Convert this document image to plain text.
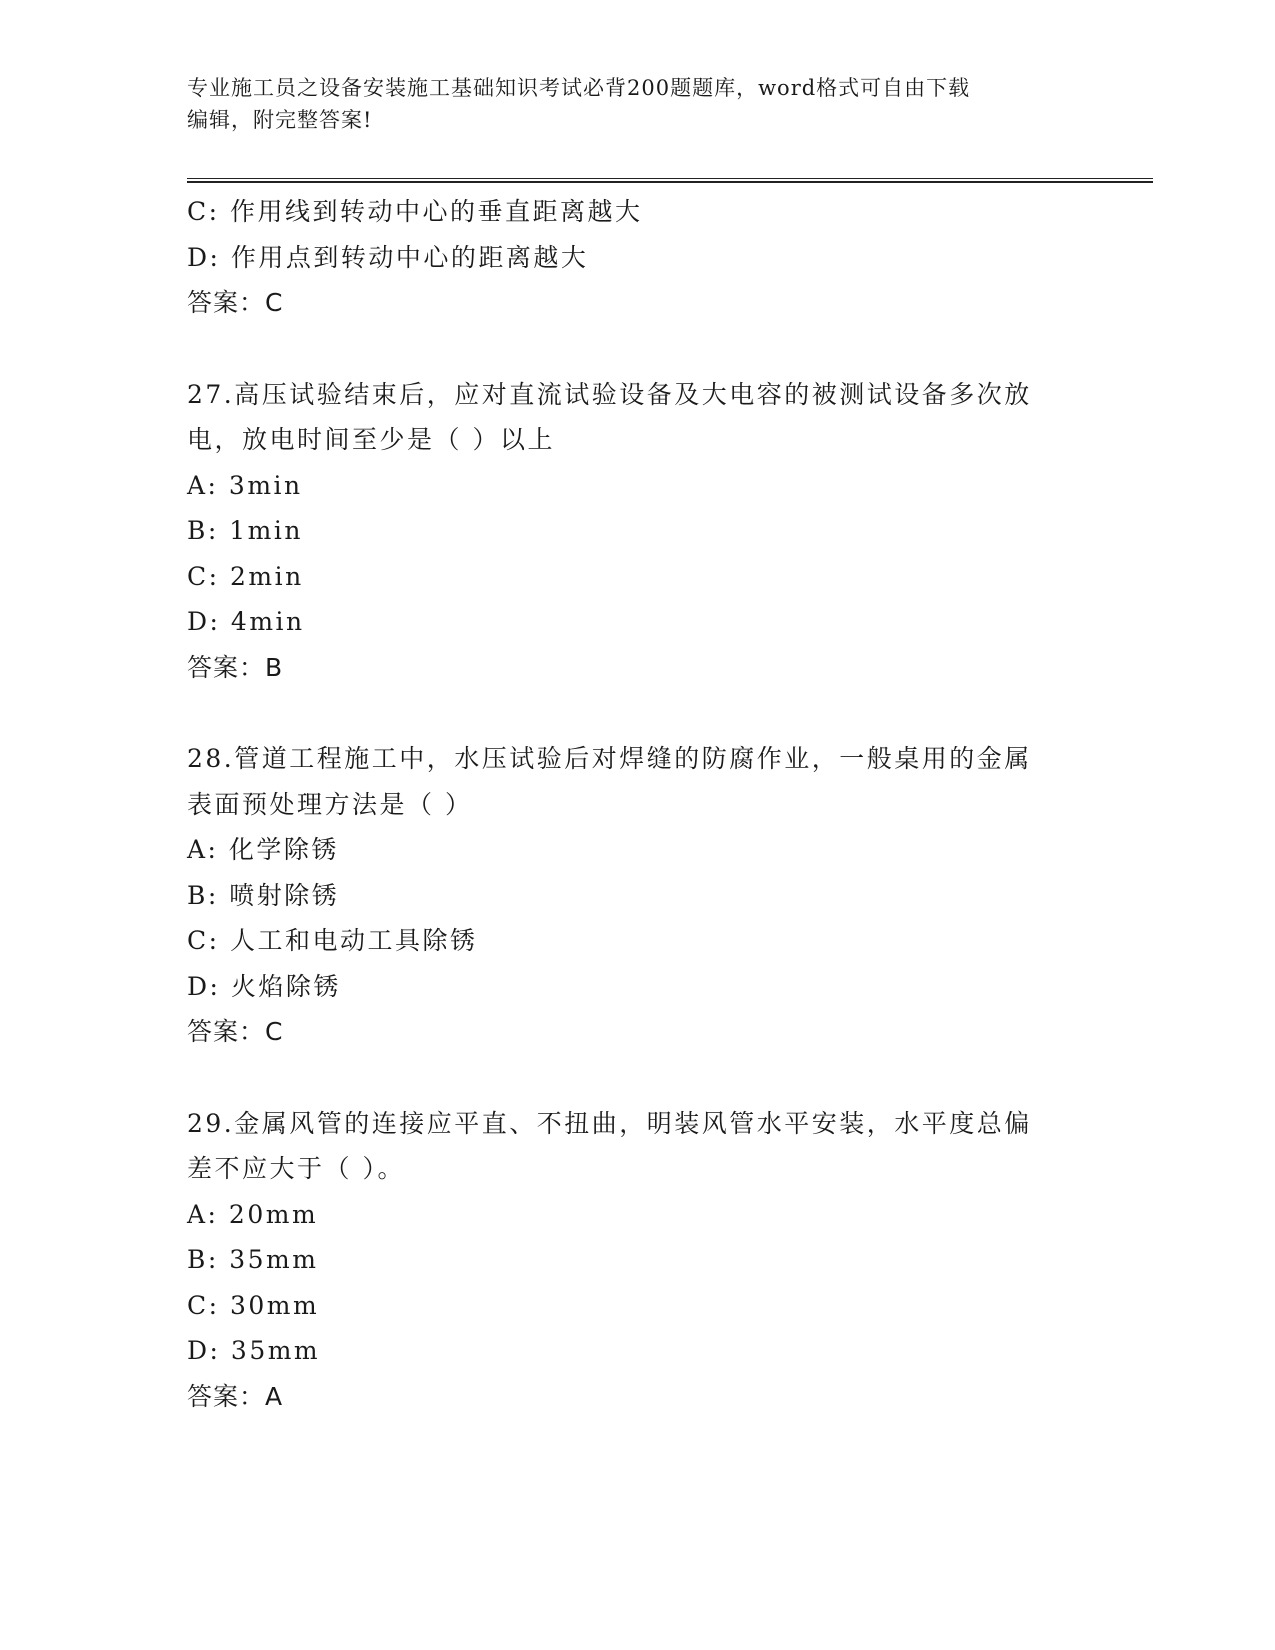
专业施工员之设备安装施工基础知识考试必背200题题库，word格式可自由下载
编辑，附完整答案!
C: 作用线到转动中心的垂直距离越大
D: 作用点到转动中心的距离越大
答案：C
27.高压试验结束后，应对直流试验设备及大电容的被测试设备多次放
电，放电时间至少是（ ）以上
A: 3min
B: 1min
C: 2min
D: 4min
答案：B
28.管道工程施工中，水压试验后对焊缝的防腐作业，一般桌用的金属
表面预处理方法是（ ）
A: 化学除锈
B: 喷射除锈
C: 人工和电动工具除锈
D: 火焰除锈
答案：C
29.金属风管的连接应平直、不扭曲，明装风管水平安装，水平度总偏
差不应大于（ ）。
A: 20mm
B: 35mm
C: 30mm
D: 35mm
答案：A
